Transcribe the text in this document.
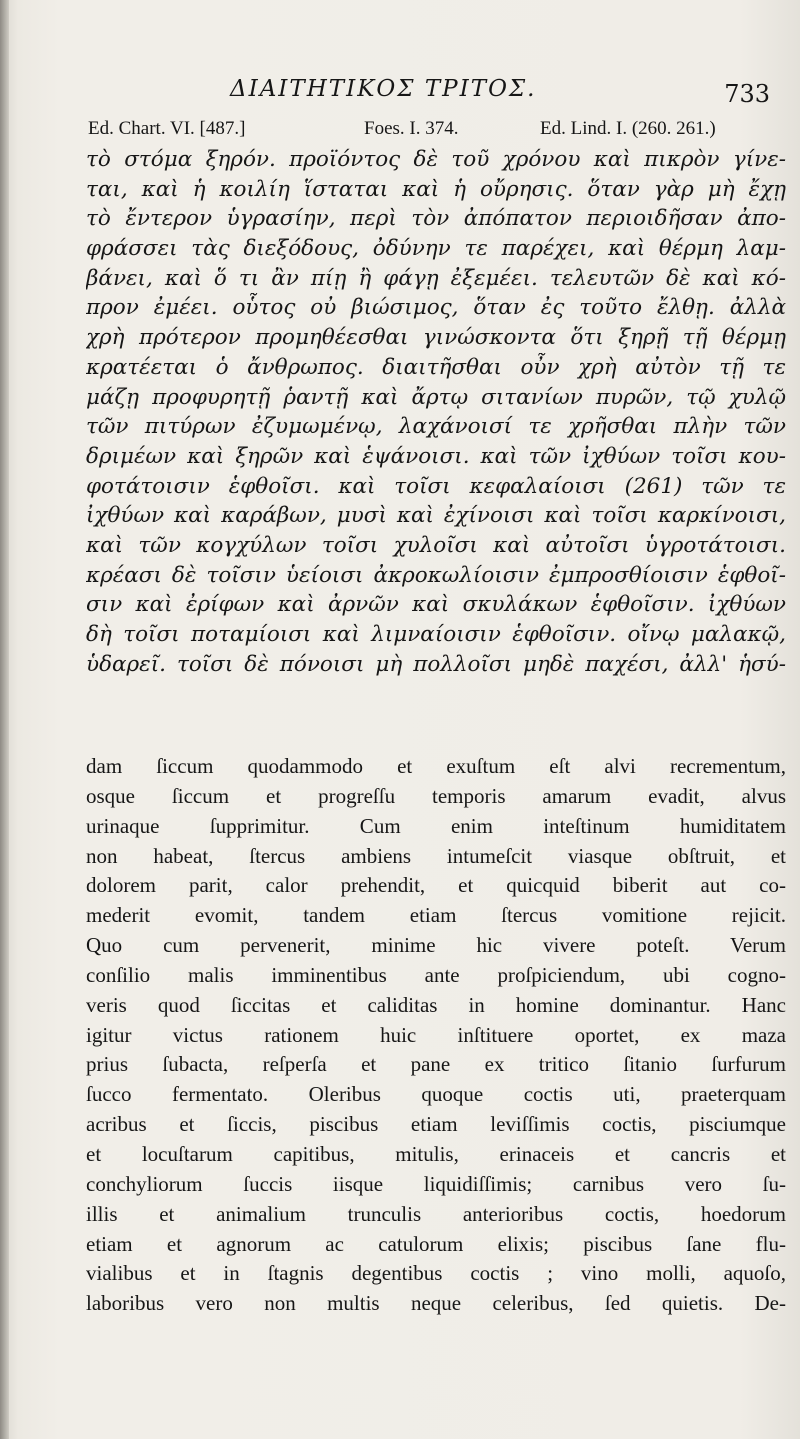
ΔΙΑΙΤΗΤΙΚΟΣ ΤΡΙΤΟΣ.	733
Ed. Chart. VI. [487.]	Foes. I. 374.	Ed. Lind. I. (260. 261.)
τὸ στόμα ξηρόν. προϊόντος δὲ τοῦ χρόνου καὶ πικρὸν γίνε-
ται, καὶ ἡ κοιλίη ἵσταται καὶ ἡ οὔρησις. ὅταν γὰρ μὴ ἔχῃ
τὸ ἔντερον ὑγρασίην, περὶ τὸν ἀπόπατον περιοιδῆσαν ἀπο-
φράσσει τὰς διεξόδους, ὀδύνην τε παρέχει, καὶ θέρμη λαμ-
βάνει, καὶ ὅ τι ἂν πίῃ ἢ φάγῃ ἐξεμέει. τελευτῶν δὲ καὶ κό-
προν ἐμέει. οὗτος οὐ βιώσιμος, ὅταν ἐς τοῦτο ἔλθῃ. ἀλλὰ
χρὴ πρότερον προμηθέεσθαι γινώσκοντα ὅτι ξηρῇ τῇ θέρμῃ
κρατέεται ὁ ἄνθρωπος. διαιτῆσθαι οὖν χρὴ αὐτὸν τῇ τε
μάζῃ προφυρητῇ ῥαντῇ καὶ ἄρτῳ σιτανίων πυρῶν, τῷ χυλῷ
τῶν πιτύρων ἐζυμωμένῳ, λαχάνοισί τε χρῆσθαι πλὴν τῶν
δριμέων καὶ ξηρῶν καὶ ἑψάνοισι. καὶ τῶν ἰχθύων τοῖσι κου-
φοτάτοισιν ἑφθοῖσι. καὶ τοῖσι κεφαλαίοισι (261) τῶν τε
ἰχθύων καὶ καράβων, μυσὶ καὶ ἐχίνοισι καὶ τοῖσι καρκίνοισι,
καὶ τῶν κογχύλων τοῖσι χυλοῖσι καὶ αὐτοῖσι ὑγροτάτοισι.
κρέασι δὲ τοῖσιν ὑείοισι ἀκροκωλίοισιν ἐμπροσθίοισιν ἑφθοῖ-
σιν καὶ ἐρίφων καὶ ἀρνῶν καὶ σκυλάκων ἑφθοῖσιν. ἰχθύων
δὴ τοῖσι ποταμίοισι καὶ λιμναίοισιν ἑφθοῖσιν. οἴνῳ μαλακῷ,
ὑδαρεῖ. τοῖσι δὲ πόνοισι μὴ πολλοῖσι μηδὲ παχέσι, ἀλλ' ἡσύ-
dam ſiccum quodammodo et exuſtum eſt alvi recrementum,
osque ſiccum et progreſſu temporis amarum evadit, alvus
urinaque ſupprimitur. Cum enim inteſtinum humiditatem
non habeat, ſtercus ambiens intumeſcit viasque obſtruit, et
dolorem parit, calor prehendit, et quicquid biberit aut co-
mederit evomit, tandem etiam ſtercus vomitione rejicit.
Quo cum pervenerit, minime hic vivere poteſt. Verum
conſilio malis imminentibus ante proſpiciendum, ubi cogno-
veris quod ſiccitas et caliditas in homine dominantur. Hanc
igitur victus rationem huic inſtituere oportet, ex maza
prius ſubacta, reſperſa et pane ex tritico ſitanio ſurfurum
ſucco fermentato. Oleribus quoque coctis uti, praeterquam
acribus et ſiccis, piscibus etiam leviſſimis coctis, pisciumque
et locuſtarum capitibus, mitulis, erinaceis et cancris et
conchyliorum ſuccis iisque liquidiſſimis; carnibus vero ſu-
illis et animalium trunculis anterioribus coctis, hoedorum
etiam et agnorum ac catulorum elixis; piscibus ſane flu-
vialibus et in ſtagnis degentibus coctis ; vino molli, aquoſo,
laboribus vero non multis neque celeribus, ſed quietis. De-
